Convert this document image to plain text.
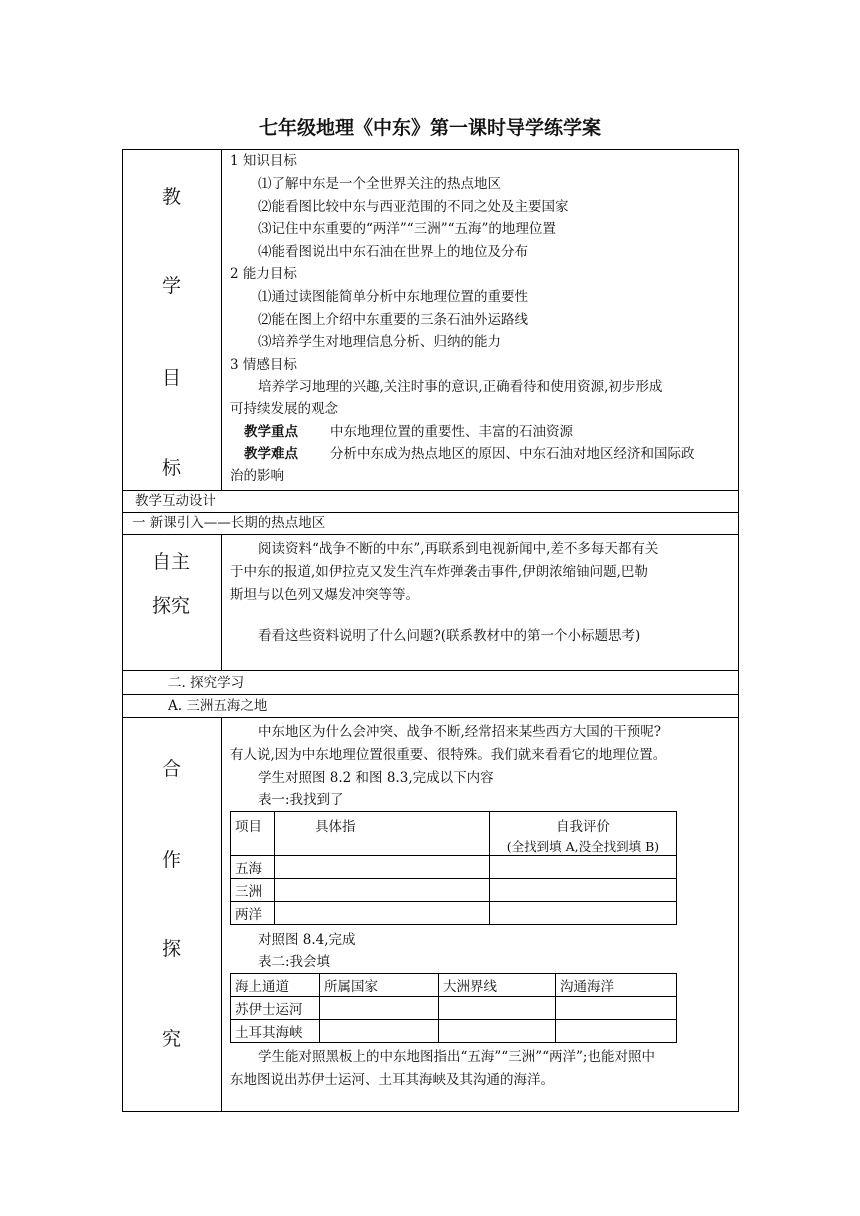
七年级地理《中东》第一课时导学练学案
教
学
目
标
1 知识目标
⑴了解中东是一个全世界关注的热点地区
⑵能看图比较中东与西亚范围的不同之处及主要国家
⑶记住中东重要的“两洋”“三洲”“五海”的地理位置
⑷能看图说出中东石油在世界上的地位及分布
2 能力目标
⑴通过读图能简单分析中东地理位置的重要性
⑵能在图上介绍中东重要的三条石油外运路线
⑶培养学生对地理信息分析、归纳的能力
3 情感目标
培养学习地理的兴趣,关注时事的意识,正确看待和使用资源,初步形成
可持续发展的观念
教学重点 中东地理位置的重要性、丰富的石油资源
教学难点 分析中东成为热点地区的原因、中东石油对地区经济和国际政
治的影响
教学互动设计
一 新课引入——长期的热点地区
自主
探究
阅读资料“战争不断的中东”,再联系到电视新闻中,差不多每天都有关
于中东的报道,如伊拉克又发生汽车炸弹袭击事件,伊朗浓缩铀问题,巴勒
斯坦与以色列又爆发冲突等等。
看看这些资料说明了什么问题?(联系教材中的第一个小标题思考)
二. 探究学习
A. 三洲五海之地
合
作
探
究
中东地区为什么会冲突、战争不断,经常招来某些西方大国的干预呢?
有人说,因为中东地理位置很重要、很特殊。我们就来看看它的地理位置。
学生对照图 8.2 和图 8.3,完成以下内容
表一:我找到了
项目	具体指	自我评价
(全找到填 A,没全找到填 B)

五海		
三洲		
两洋		
对照图 8.4,完成
表二:我会填
海上通道	所属国家	大洲界线	沟通海洋
苏伊士运河			
土耳其海峡			
学生能对照黑板上的中东地图指出“五海”“三洲”“两洋”;也能对照中
东地图说出苏伊士运河、土耳其海峡及其沟通的海洋。
